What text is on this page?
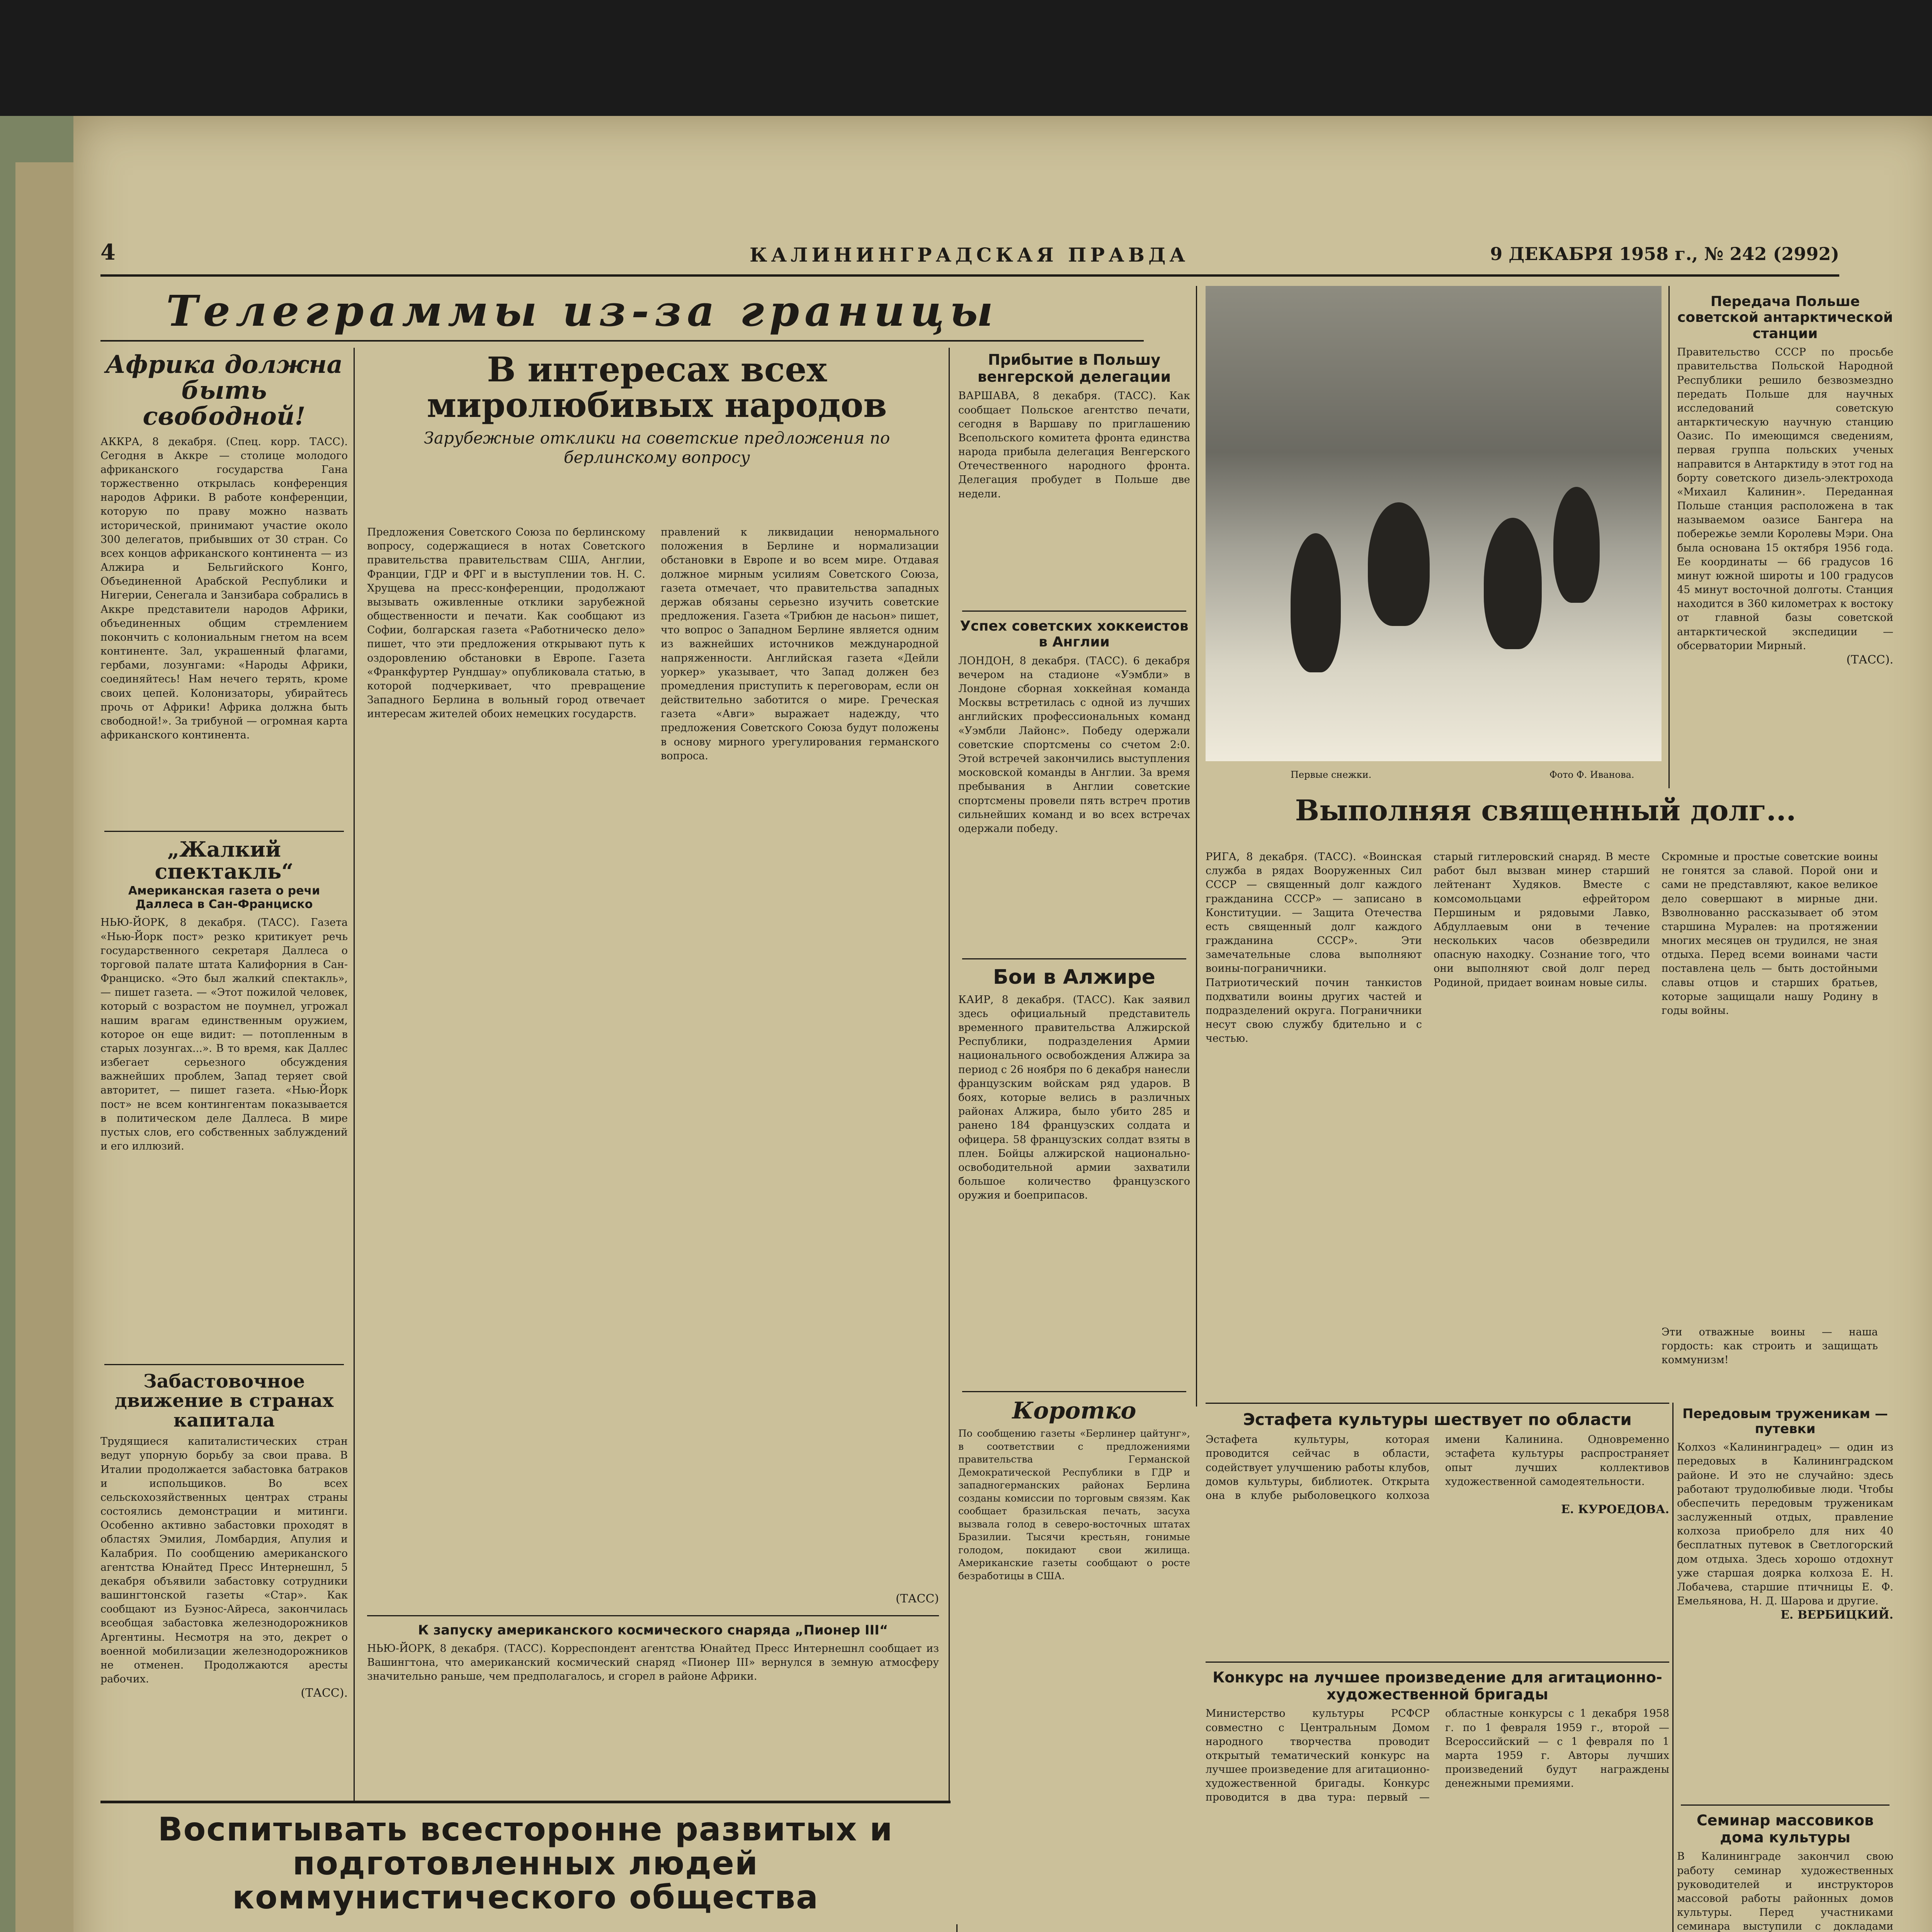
4	КАЛИНИНГРАДСКАЯ ПРАВДА	9 ДЕКАБРЯ 1958 г., № 242 (2992)
Телеграммы из-за границы
Африка должна быть свободной!
АККРА, 8 декабря. (Спец. корр. ТАСС). Сегодня в Аккре — столице молодого африканского государства Гана торжественно открылась конференция народов Африки. В работе конференции, которую по праву можно назвать исторической, принимают участие около 300 делегатов, прибывших от 30 стран. Со всех концов африканского континента — из Алжира и Бельгийского Конго, Объединенной Арабской Республики и Нигерии, Сенегала и Занзибара собрались в Аккре представители народов Африки, объединенных общим стремлением покончить с колониальным гнетом на всем континенте. Зал, украшенный флагами, гербами, лозунгами: «Народы Африки, соединяйтесь! Нам нечего терять, кроме своих цепей. Колонизаторы, убирайтесь прочь от Африки! Африка должна быть свободной!». За трибуной — огромная карта африканского континента.
„Жалкий спектакль“
Американская газета о речи Даллеса в Сан-Франциско
НЬЮ-ЙОРК, 8 декабря. (ТАСС). Газета «Нью-Йорк пост» резко критикует речь государственного секретаря Даллеса о торговой палате штата Калифорния в Сан-Франциско. «Это был жалкий спектакль», — пишет газета. — «Этот пожилой человек, который с возрастом не поумнел, угрожал нашим врагам единственным оружием, которое он еще видит: — потопленным в старых лозунгах...». В то время, как Даллес избегает серьезного обсуждения важнейших проблем, Запад теряет свой авторитет, — пишет газета. «Нью-Йорк пост» не всем контингентам показывается в политическом деле Даллеса. В мире пустых слов, его собственных заблуждений и его иллюзий.
Забастовочное движение в странах капитала
Трудящиеся капиталистических стран ведут упорную борьбу за свои права. В Италии продолжается забастовка батраков и испольщиков. Во всех сельскохозяйственных центрах страны состоялись демонстрации и митинги. Особенно активно забастовки проходят в областях Эмилия, Ломбардия, Апулия и Калабрия. По сообщению американского агентства Юнайтед Пресс Интернешнл, 5 декабря объявили забастовку сотрудники вашингтонской газеты «Стар». Как сообщают из Буэнос-Айреса, закончилась всеобщая забастовка железнодорожников Аргентины. Несмотря на это, декрет о военной мобилизации железнодорожников не отменен. Продолжаются аресты рабочих.
(ТАСС).
В интересах всех миролюбивых народов
Зарубежные отклики на советские предложения по берлинскому вопросу
Предложения Советского Союза по берлинскому вопросу, содержащиеся в нотах Советского правительства правительствам США, Англии, Франции, ГДР и ФРГ и в выступлении тов. Н. С. Хрущева на пресс-конференции, продолжают вызывать оживленные отклики зарубежной общественности и печати. Как сообщают из Софии, болгарская газета «Работническо дело» пишет, что эти предложения открывают путь к оздоровлению обстановки в Европе. Газета «Франкфуртер Рундшау» опубликовала статью, в которой подчеркивает, что превращение Западного Берлина в вольный город отвечает интересам жителей обоих немецких государств.
правлений к ликвидации ненормального положения в Берлине и нормализации обстановки в Европе и во всем мире. Отдавая должное мирным усилиям Советского Союза, газета отмечает, что правительства западных держав обязаны серьезно изучить советские предложения. Газета «Трибюн де насьон» пишет, что вопрос о Западном Берлине является одним из важнейших источников международной напряженности. Английская газета «Дейли уоркер» указывает, что Запад должен без промедления приступить к переговорам, если он действительно заботится о мире. Греческая газета «Авги» выражает надежду, что предложения Советского Союза будут положены в основу мирного урегулирования германского вопроса.
(ТАСС)
К запуску американского космического снаряда „Пионер III“
НЬЮ-ЙОРК, 8 декабря. (ТАСС). Корреспондент агентства Юнайтед Пресс Интернешнл сообщает из Вашингтона, что американский космический снаряд «Пионер III» вернулся в земную атмосферу значительно раньше, чем предполагалось, и сгорел в районе Африки.
Прибытие в Польшу венгерской делегации
ВАРШАВА, 8 декабря. (ТАСС). Как сообщает Польское агентство печати, сегодня в Варшаву по приглашению Всепольского комитета фронта единства народа прибыла делегация Венгерского Отечественного народного фронта. Делегация пробудет в Польше две недели.
Успех советских хоккеистов в Англии
ЛОНДОН, 8 декабря. (ТАСС). 6 декабря вечером на стадионе «Уэмбли» в Лондоне сборная хоккейная команда Москвы встретилась с одной из лучших английских профессиональных команд «Уэмбли Лайонс». Победу одержали советские спортсмены со счетом 2:0. Этой встречей закончились выступления московской команды в Англии. За время пребывания в Англии советские спортсмены провели пять встреч против сильнейших команд и во всех встречах одержали победу.
Бои в Алжире
КАИР, 8 декабря. (ТАСС). Как заявил здесь официальный представитель временного правительства Алжирской Республики, подразделения Армии национального освобождения Алжира за период с 26 ноября по 6 декабря нанесли французским войскам ряд ударов. В боях, которые велись в различных районах Алжира, было убито 285 и ранено 184 французских солдата и офицера. 58 французских солдат взяты в плен. Бойцы алжирской национально-освободительной армии захватили большое количество французского оружия и боеприпасов.
Коротко
По сообщению газеты «Берлинер цайтунг», в соответствии с предложениями правительства Германской Демократической Республики в ГДР и западногерманских районах Берлина созданы комиссии по торговым связям. Как сообщает бразильская печать, засуха вызвала голод в северо-восточных штатах Бразилии. Тысячи крестьян, гонимые голодом, покидают свои жилища. Американские газеты сообщают о росте безработицы в США.
Первые снежки.	Фото Ф. Иванова.
Выполняя священный долг...
РИГА, 8 декабря. (ТАСС). «Воинская служба в рядах Вооруженных Сил СССР — священный долг каждого гражданина СССР» — записано в Конституции. — Защита Отечества есть священный долг каждого гражданина СССР». Эти замечательные слова выполняют воины-пограничники. Патриотический почин танкистов подхватили воины других частей и подразделений округа. Пограничники несут свою службу бдительно и с честью.
старый гитлеровский снаряд. В месте работ был вызван минер старший лейтенант Худяков. Вместе с комсомольцами ефрейтором Першиным и рядовыми Лавко, Абдуллаевым они в течение нескольких часов обезвредили опасную находку. Сознание того, что они выполняют свой долг перед Родиной, придает воинам новые силы.
Скромные и простые советские воины не гонятся за славой. Порой они и сами не представляют, какое великое дело совершают в мирные дни. Взволнованно рассказывает об этом старшина Муралев: на протяжении многих месяцев он трудился, не зная отдыха. Перед всеми воинами части поставлена цель — быть достойными славы отцов и старших братьев, которые защищали нашу Родину в годы войны.
Эти отважные воины — наша гордость: как строить и защищать коммунизм!
Передача Польше советской антарктической станции
Правительство СССР по просьбе правительства Польской Народной Республики решило безвозмездно передать Польше для научных исследований советскую антарктическую научную станцию Оазис. По имеющимся сведениям, первая группа польских ученых направится в Антарктиду в этот год на борту советского дизель-электрохода «Михаил Калинин». Переданная Польше станция расположена в так называемом оазисе Бангера на побережье земли Королевы Мэри. Она была основана 15 октября 1956 года. Ее координаты — 66 градусов 16 минут южной широты и 100 градусов 45 минут восточной долготы. Станция находится в 360 километрах к востоку от главной базы советской антарктической экспедиции — обсерватории Мирный.
(ТАСС).
Передовым труженикам — путевки
Колхоз «Калининградец» — один из передовых в Калининградском районе. И это не случайно: здесь работают трудолюбивые люди. Чтобы обеспечить передовым труженикам заслуженный отдых, правление колхоза приобрело для них 40 бесплатных путевок в Светлогорский дом отдыха. Здесь хорошо отдохнут уже старшая доярка колхоза Е. Н. Лобачева, старшие птичницы Е. Ф. Емельянова, Н. Д. Шарова и другие.
Е. ВЕРБИЦКИЙ.
Семинар массовиков дома культуры
В Калининграде закончил свою работу семинар художественных руководителей и инструкторов массовой работы районных домов культуры. Перед участниками семинара выступили с докладами
Эстафета культуры шествует по области
Эстафета культуры, которая проводится сейчас в области, содействует улучшению работы клубов, домов культуры, библиотек. Открыта она в клубе рыболовецкого колхоза имени Калинина. Одновременно эстафета культуры распространяет опыт лучших коллективов художественной самодеятельности.
Е. КУРОЕДОВА.
Конкурс на лучшее произведение для агитационно-художественной бригады
Министерство культуры РСФСР совместно с Центральным Домом народного творчества проводит открытый тематический конкурс на лучшее произведение для агитационно-художественной бригады. Конкурс проводится в два тура: первый — областные конкурсы с 1 декабря 1958 г. по 1 февраля 1959 г., второй — Всероссийский — с 1 февраля по 1 марта 1959 г. Авторы лучших произведений будут награждены денежными премиями.
Воспитывать всесторонне развитых и подготовленных людей коммунистического общества
